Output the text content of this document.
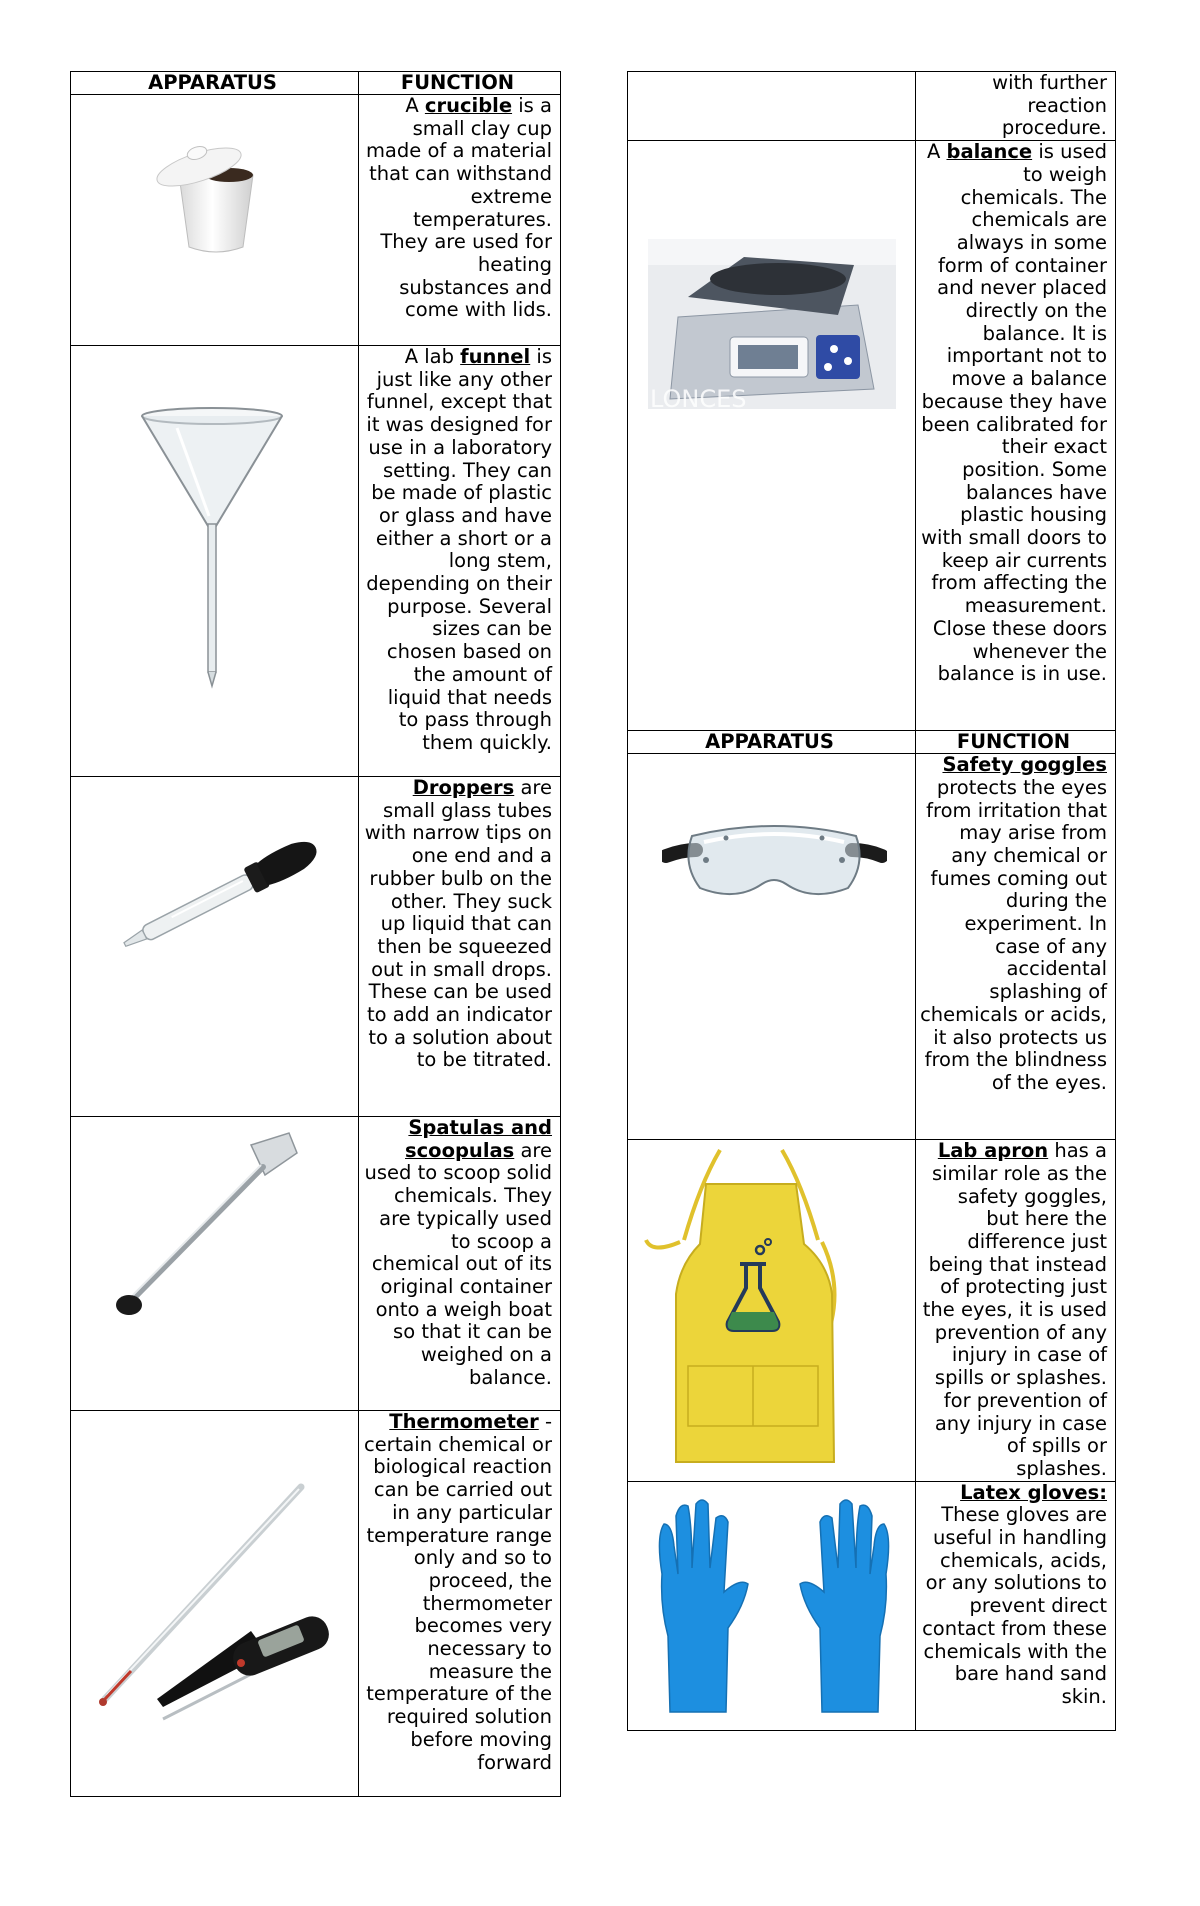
APPARATUS	FUNCTION

	A crucible is a small clay cup made of a material that can withstand extreme temperatures. They are used for heating substances and come with lids.

	A lab funnel is just like any other funnel, except that it was designed for use in a laboratory setting. They can be made of plastic or glass and have either a short or a long stem, depending on their purpose. Several sizes can be chosen based on the amount of liquid that needs to pass through them quickly.

	Droppers are small glass tubes with narrow tips on one end and a rubber bulb on the other. They suck up liquid that can then be squeezed out in small drops. These can be used to add an indicator to a solution about to be titrated.

	Spatulas and scoopulas are used to scoop solid chemicals. They are typically used to scoop a chemical out of its original container onto a weigh boat so that it can be weighed on a balance.

	Thermometer - certain chemical or biological reaction can be carried out in any particular temperature range only and so to proceed, the thermometer becomes very necessary to measure the temperature of the required solution before moving forward
	with further reaction procedure.

LONCES	A balance is used to weigh chemicals. The chemicals are always in some form of container and never placed directly on the balance. It is important not to move a balance because they have been calibrated for their exact position. Some balances have plastic housing with small doors to keep air currents from affecting the measurement. Close these doors whenever the balance is in use.
APPARATUS	FUNCTION

	Safety goggles protects the eyes from irritation that may arise from any chemical or fumes coming out during the experiment. In case of any accidental splashing of chemicals or acids, it also protects us from the blindness of the eyes.

	Lab apron has a similar role as the safety goggles, but here the difference just being that instead of protecting just the eyes, it is used prevention of any injury in case of spills or splashes. for prevention of any injury in case of spills or splashes.

	Latex gloves: These gloves are useful in handling chemicals, acids, or any solutions to prevent direct contact from these chemicals with the bare hand sand skin.
